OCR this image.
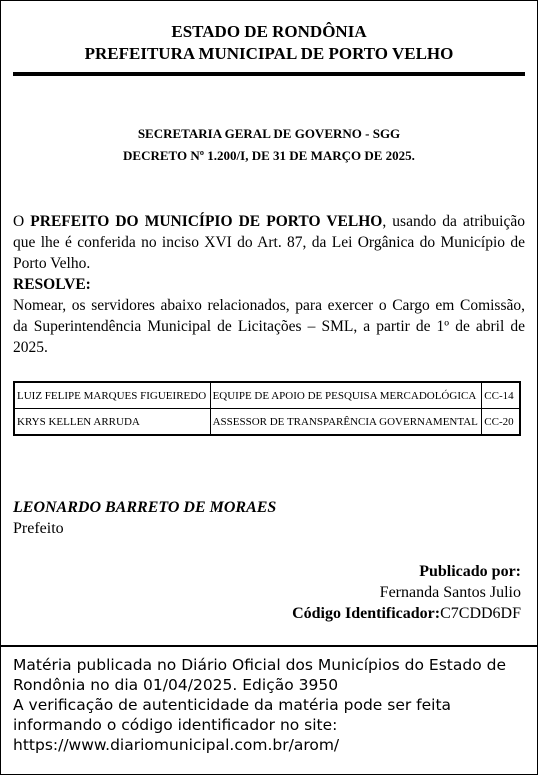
ESTADO DE RONDÔNIA
PREFEITURA MUNICIPAL DE PORTO VELHO
SECRETARIA GERAL DE GOVERNO - SGG
DECRETO Nº 1.200/I, DE 31 DE MARÇO DE 2025.

O PREFEITO DO MUNICÍPIO DE PORTO VELHO, usando da atribuição que lhe é conferida no inciso XVI do Art. 87, da Lei Orgânica do Município de Porto Velho.

RESOLVE:

Nomear, os servidores abaixo relacionados, para exercer o Cargo em Comissão, da Superintendência Municipal de Licitações – SML, a partir de 1º de abril de 2025.

LUIZ FELIPE MARQUES FIGUEIREDO	EQUIPE DE APOIO DE PESQUISA MERCADOLÓGICA	CC-14
KRYS KELLEN ARRUDA	ASSESSOR DE TRANSPARÊNCIA GOVERNAMENTAL	CC-20
LEONARDO BARRETO DE MORAES
Prefeito
Publicado por:
Fernanda Santos Julio
Código Identificador:C7CDD6DF

Matéria publicada no Diário Oficial dos Municípios do Estado de Rondônia no dia 01/04/2025. Edição 3950

A verificação de autenticidade da matéria pode ser feita informando o código identificador no site:

https://www.diariomunicipal.com.br/arom/
